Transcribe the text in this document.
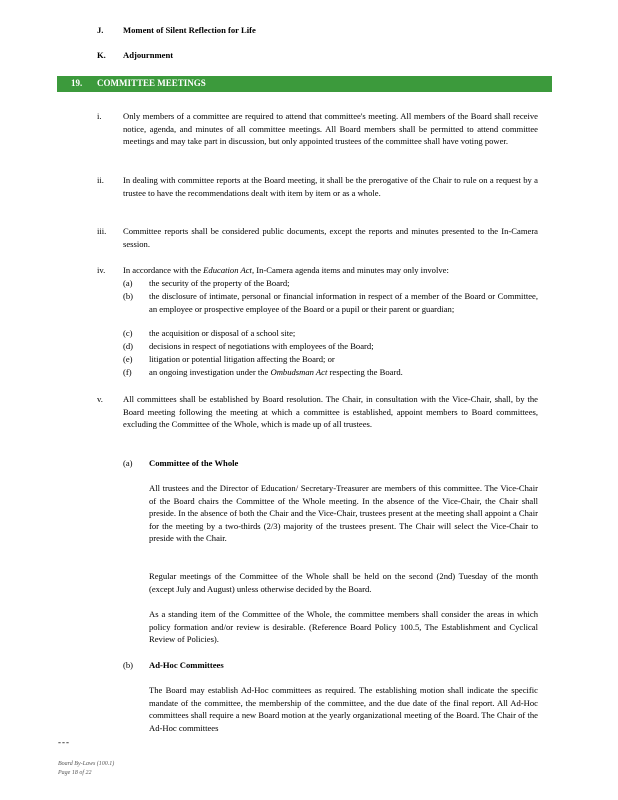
J. Moment of Silent Reflection for Life
K. Adjournment
19. COMMITTEE MEETINGS
i. Only members of a committee are required to attend that committee's meeting. All members of the Board shall receive notice, agenda, and minutes of all committee meetings. All Board members shall be permitted to attend committee meetings and may take part in discussion, but only appointed trustees of the committee shall have voting power.
ii. In dealing with committee reports at the Board meeting, it shall be the prerogative of the Chair to rule on a request by a trustee to have the recommendations dealt with item by item or as a whole.
iii. Committee reports shall be considered public documents, except the reports and minutes presented to the In-Camera session.
iv. In accordance with the Education Act, In-Camera agenda items and minutes may only involve:
(a) the security of the property of the Board;
(b) the disclosure of intimate, personal or financial information in respect of a member of the Board or Committee, an employee or prospective employee of the Board or a pupil or their parent or guardian;
(c) the acquisition or disposal of a school site;
(d) decisions in respect of negotiations with employees of the Board;
(e) litigation or potential litigation affecting the Board; or
(f) an ongoing investigation under the Ombudsman Act respecting the Board.
v. All committees shall be established by Board resolution. The Chair, in consultation with the Vice-Chair, shall, by the Board meeting following the meeting at which a committee is established, appoint members to Board committees, excluding the Committee of the Whole, which is made up of all trustees.
(a) Committee of the Whole
All trustees and the Director of Education/ Secretary-Treasurer are members of this committee. The Vice-Chair of the Board chairs the Committee of the Whole meeting. In the absence of the Vice-Chair, the Chair shall preside. In the absence of both the Chair and the Vice-Chair, trustees present at the meeting shall appoint a Chair for the meeting by a two-thirds (2/3) majority of the trustees present. The Chair will select the Vice-Chair to preside with the Chair.
Regular meetings of the Committee of the Whole shall be held on the second (2nd) Tuesday of the month (except July and August) unless otherwise decided by the Board.
As a standing item of the Committee of the Whole, the committee members shall consider the areas in which policy formation and/or review is desirable. (Reference Board Policy 100.5, The Establishment and Cyclical Review of Policies).
(b) Ad-Hoc Committees
The Board may establish Ad-Hoc committees as required. The establishing motion shall indicate the specific mandate of the committee, the membership of the committee, and the due date of the final report. All Ad-Hoc committees shall require a new Board motion at the yearly organizational meeting of the Board. The Chair of the Ad-Hoc committees
---
Board By-Laws (100.1)
Page 18 of 22
